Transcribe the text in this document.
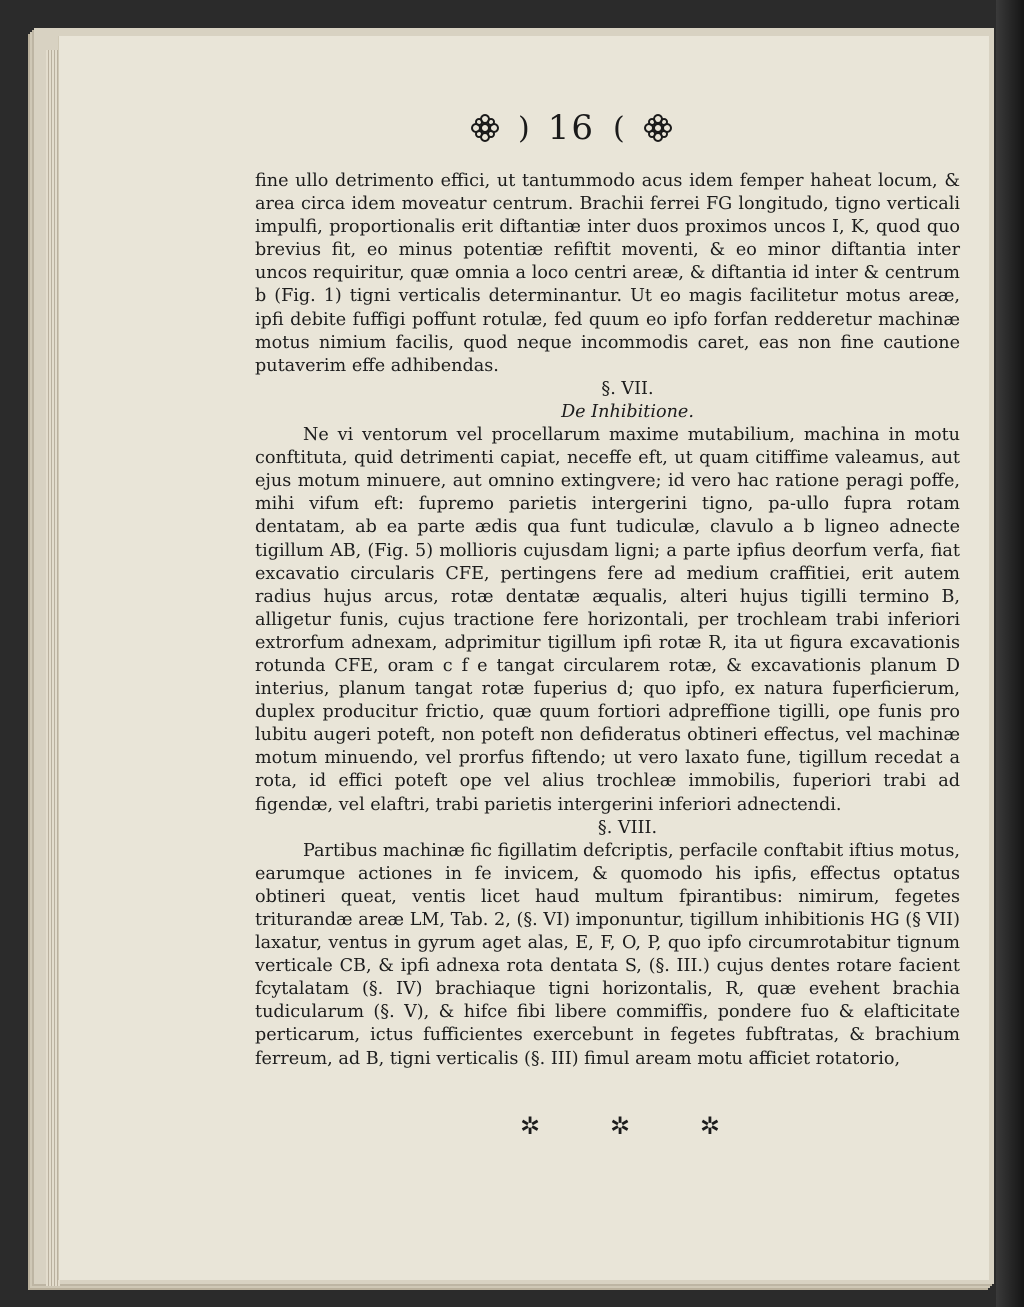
) 16 (

fine ullo detrimento effici, ut tantummodo acus idem femper haheat locum, & area circa idem moveatur centrum. Brachii ferrei FG longitudo, tigno verticali impulfi, proportionalis erit diftantiæ inter duos proximos uncos I, K, quod quo brevius fit, eo minus potentiæ refiftit moventi, & eo minor diftantia inter uncos requiritur, quæ omnia a loco centri areæ, & diftantia id inter & centrum b (Fig. 1) tigni verticalis determinantur. Ut eo magis facilitetur motus areæ, ipfi debite fuffigi poffunt rotulæ, fed quum eo ipfo forfan redderetur machinæ motus nimium facilis, quod neque incommodis caret, eas non fine cautione putaverim effe adhibendas.

§. VII.

De Inhibitione.

Ne vi ventorum vel procellarum maxime mutabilium, machina in motu conftituta, quid detrimenti capiat, neceffe eft, ut quam citiffime valeamus, aut ejus motum minuere, aut omnino extingvere; id vero hac ratione peragi poffe, mihi vifum eft: fupremo parietis intergerini tigno, pa-ullo fupra rotam dentatam, ab ea parte ædis qua funt tudiculæ, clavulo a b ligneo adnecte tigillum AB, (Fig. 5) mollioris cujusdam ligni; a parte ipfius deorfum verfa, fiat excavatio circularis CFE, pertingens fere ad medium craffitiei, erit autem radius hujus arcus, rotæ dentatæ æqualis, alteri hujus tigilli termino B, alligetur funis, cujus tractione fere horizontali, per trochleam trabi inferiori extrorfum adnexam, adprimitur tigillum ipfi rotæ R, ita ut figura excavationis rotunda CFE, oram c f e tangat circularem rotæ, & excavationis planum D interius, planum tangat rotæ fuperius d; quo ipfo, ex natura fuperficierum, duplex producitur frictio, quæ quum fortiori adpreffione tigilli, ope funis pro lubitu augeri poteft, non poteft non defideratus obtineri effectus, vel machinæ motum minuendo, vel prorfus fiftendo; ut vero laxato fune, tigillum recedat a rota, id effici poteft ope vel alius trochleæ immobilis, fuperiori trabi ad figendæ, vel elaftri, trabi parietis intergerini inferiori adnectendi.

§. VIII.

Partibus machinæ fic figillatim defcriptis, perfacile conftabit iftius motus, earumque actiones in fe invicem, & quomodo his ipfis, effectus optatus obtineri queat, ventis licet haud multum fpirantibus: nimirum, fegetes triturandæ areæ LM, Tab. 2, (§. VI) imponuntur, tigillum inhibitionis HG (§ VII) laxatur, ventus in gyrum aget alas, E, F, O, P, quo ipfo circumrotabitur tignum verticale CB, & ipfi adnexa rota dentata S, (§. III.) cujus dentes rotare facient fcytalatam (§. IV) brachiaque tigni horizontalis, R, quæ evehent brachia tudicularum (§. V), & hifce fibi libere commiffis, pondere fuo & elafticitate perticarum, ictus fufficientes exercebunt in fegetes fubftratas, & brachium ferreum, ad B, tigni verticalis (§. III) fimul aream motu afficiet rotatorio,

✲	✲	✲
